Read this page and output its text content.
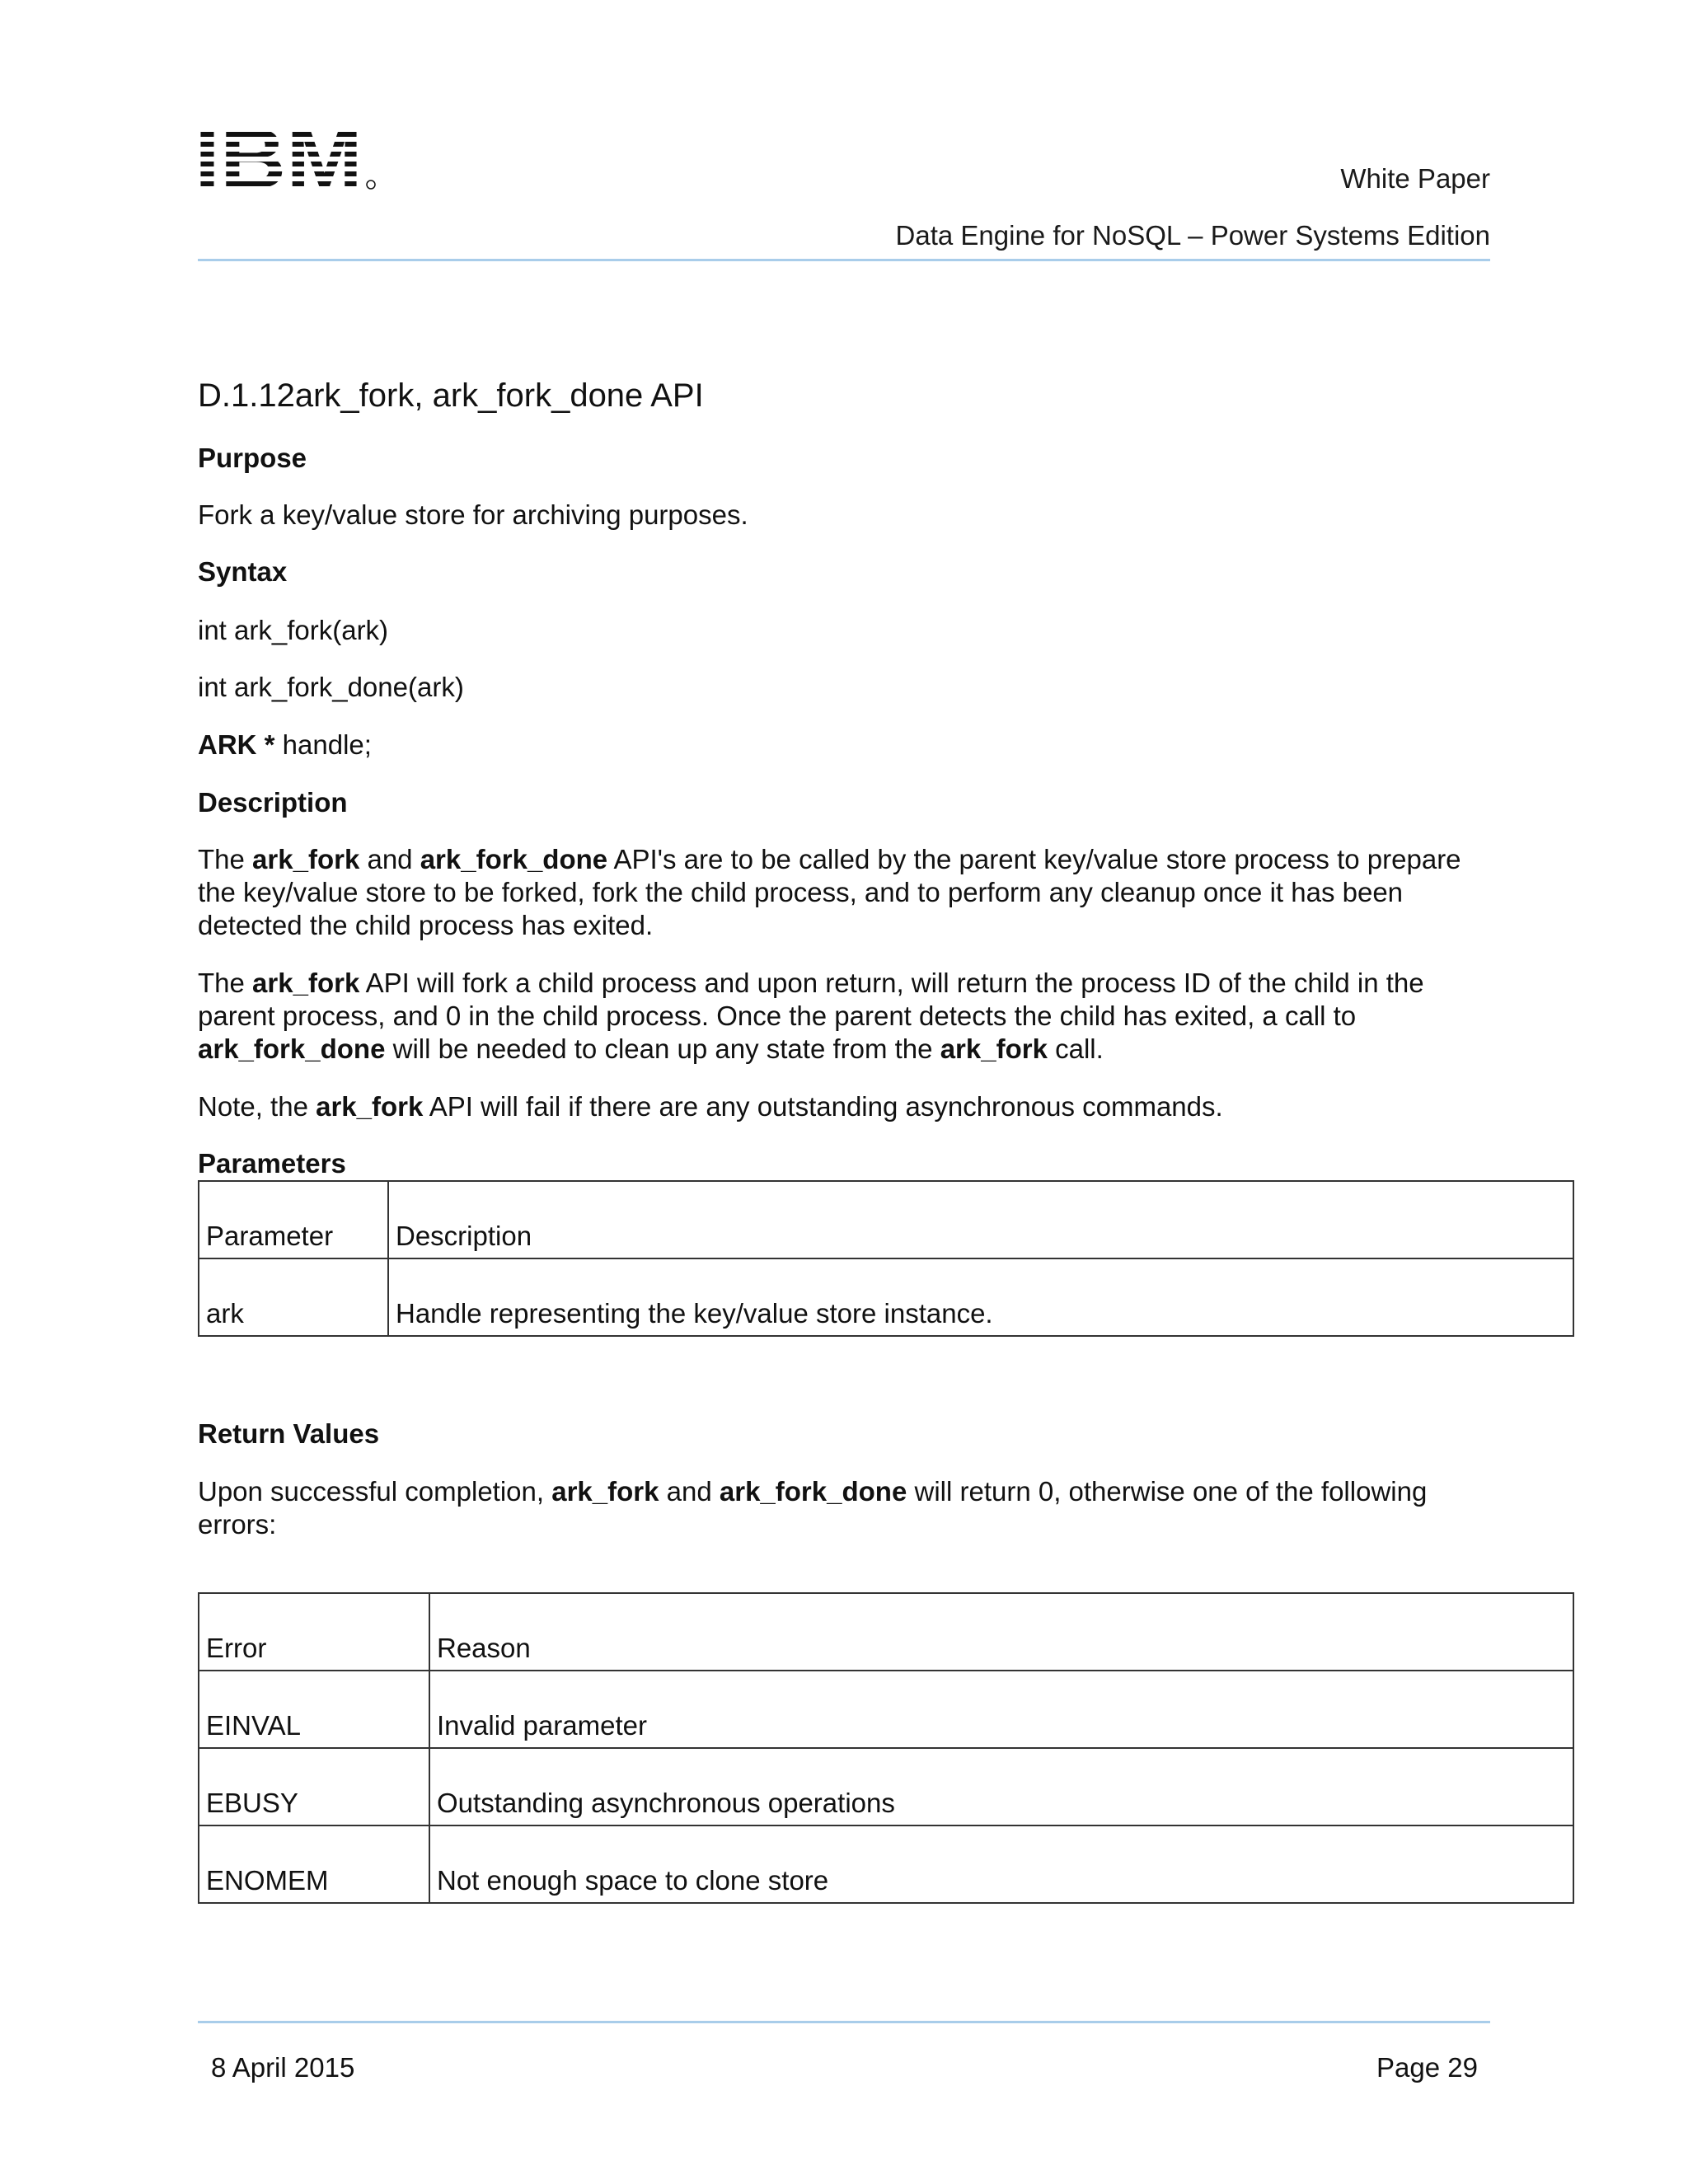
White Paper
Data Engine for NoSQL – Power Systems Edition
D.1.12ark_fork, ark_fork_done API
Purpose
Fork a key/value store for archiving purposes.
Syntax
int ark_fork(ark)
int ark_fork_done(ark)
ARK * handle;
Description
The ark_fork and ark_fork_done API's are to be called by the parent key/value store process to prepare the key/value store to be forked, fork the child process, and to perform any cleanup once it has been detected the child process has exited.
The ark_fork API will fork a child process and upon return, will return the process ID of the child in the parent process, and 0 in the child process. Once the parent detects the child has exited, a call to ark_fork_done will be needed to clean up any state from the ark_fork call.
Note, the ark_fork API will fail if there are any outstanding asynchronous commands.
Parameters
Parameter	Description
ark	Handle representing the key/value store instance.
Return Values
Upon successful completion, ark_fork and ark_fork_done will return 0, otherwise one of the following errors:
Error	Reason
EINVAL	Invalid parameter
EBUSY	Outstanding asynchronous operations
ENOMEM	Not enough space to clone store
8 April 2015	Page 29
